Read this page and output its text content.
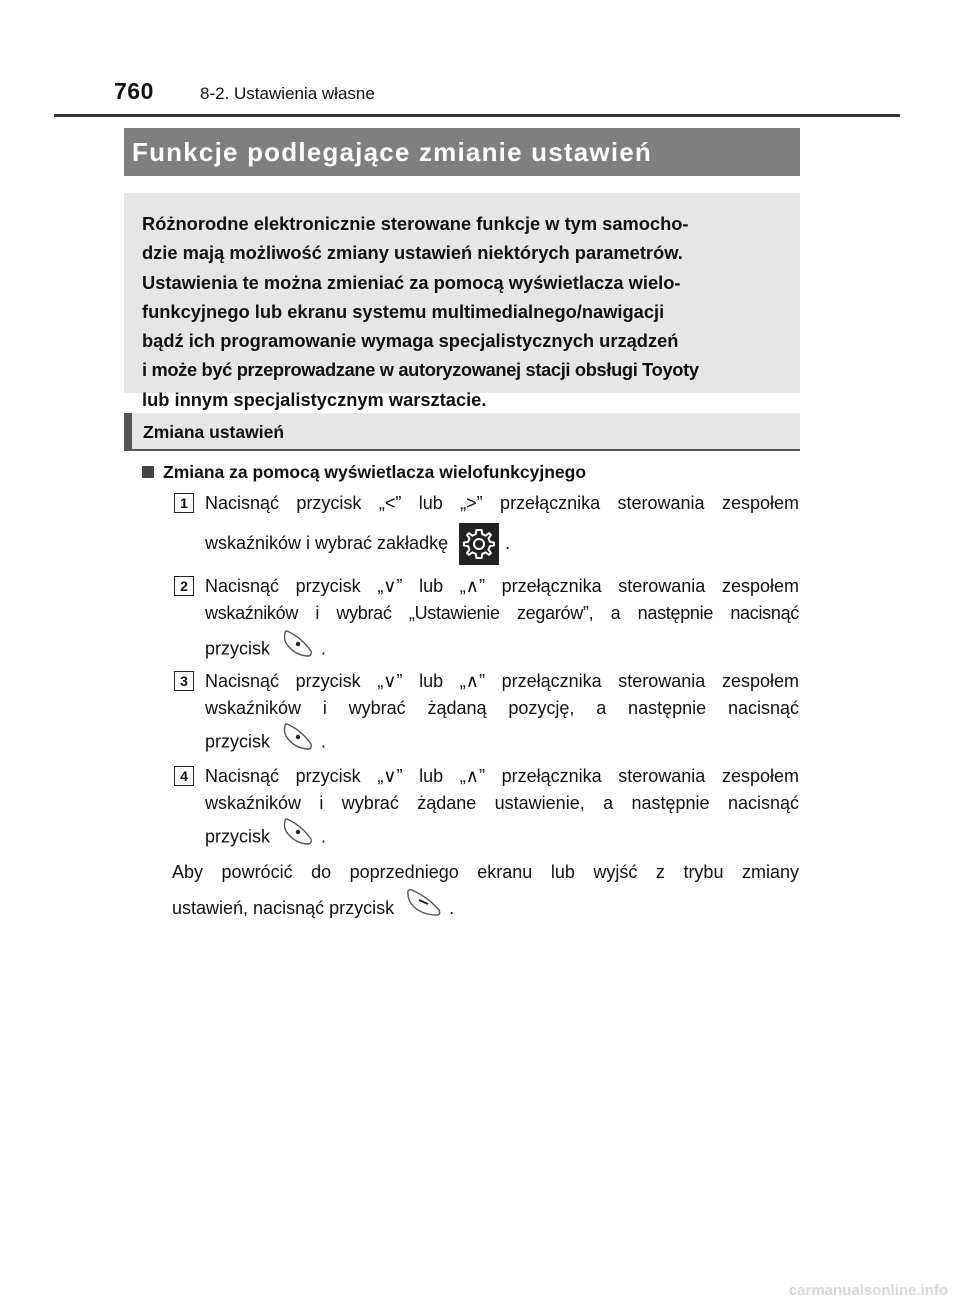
760	8-2. Ustawienia własne
Funkcje podlegające zmianie ustawień

Różnorodne elektronicznie sterowane funkcje w tym samocho-

dzie mają możliwość zmiany ustawień niektórych parametrów.

Ustawienia te można zmieniać za pomocą wyświetlacza wielo-

funkcyjnego lub ekranu systemu multimedialnego/nawigacji

bądź ich programowanie wymaga specjalistycznych urządzeń

i może być przeprowadzane w autoryzowanej stacji obsługi Toyoty

lub innym specjalistycznym warsztacie.

Zmiana ustawień
Zmiana za pomocą wyświetlacza wielofunkcyjnego
1 Nacisnąć przycisk „<” lub „>” przełącznika sterowania zespołem
wskaźników i wybrać zakładkę	.
2 Nacisnąć przycisk „∨” lub „∧” przełącznika sterowania zespołem
wskaźników i wybrać „Ustawienie zegarów”, a następnie nacisnąć
przycisk	.
3 Nacisnąć przycisk „∨” lub „∧” przełącznika sterowania zespołem
wskaźników i wybrać żądaną pozycję, a następnie nacisnąć
przycisk	.
4 Nacisnąć przycisk „∨” lub „∧” przełącznika sterowania zespołem
wskaźników i wybrać żądane ustawienie, a następnie nacisnąć
przycisk	.
Aby powrócić do poprzedniego ekranu lub wyjść z trybu zmiany
ustawień, nacisnąć przycisk	.
carmanualsonline.info
